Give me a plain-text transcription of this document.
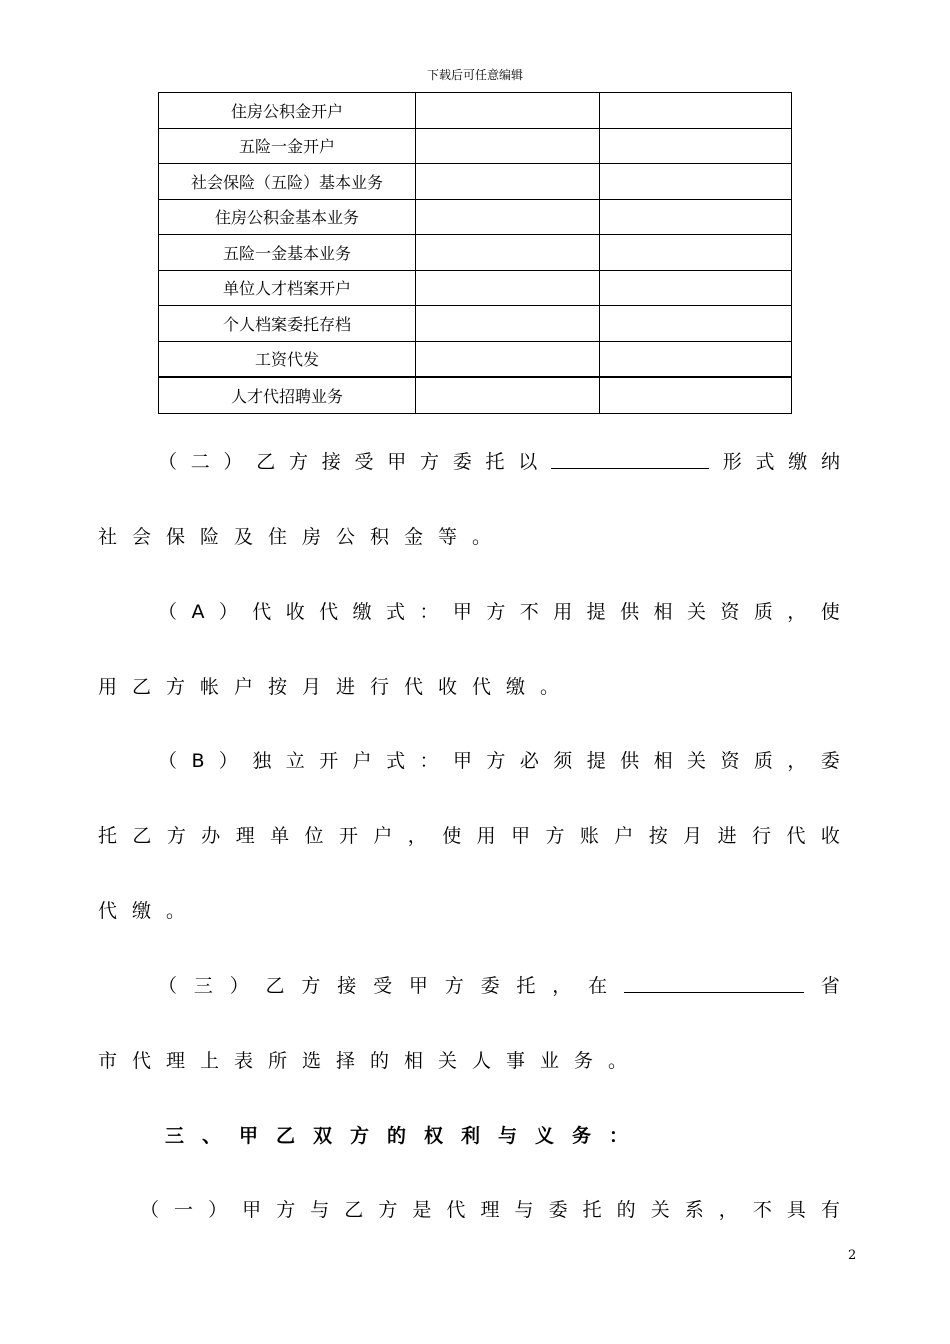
下载后可任意编辑
住房公积金开户		
五险一金开户		
社会保险（五险）基本业务		
住房公积金基本业务		
五险一金基本业务		
单位人才档案开户		
个人档案委托存档		
工资代发		
人才代招聘业务		
（ 二 ） 乙 方 接 受 甲 方 委 托 以	形 式 缴 纳
社会保险及住房公积金等。
（ A ） 代 收 代 缴 式 ： 甲 方 不 用 提 供 相 关 资 质 ， 使
用乙方帐户按月进行代收代缴。
（ B ） 独 立 开 户 式 ： 甲 方 必 须 提 供 相 关 资 质 ， 委
托 乙 方 办 理 单 位 开 户 ， 使 用 甲 方 账 户 按 月 进 行 代 收
代缴。
（ 三 ） 乙 方 接 受 甲 方 委 托 ， 在	省
市代理上表所选择的相关人事业务。
三、甲乙双方的权利与义务：
（ 一 ） 甲 方 与 乙 方 是 代 理 与 委 托 的 关 系 ， 不 具 有
2
